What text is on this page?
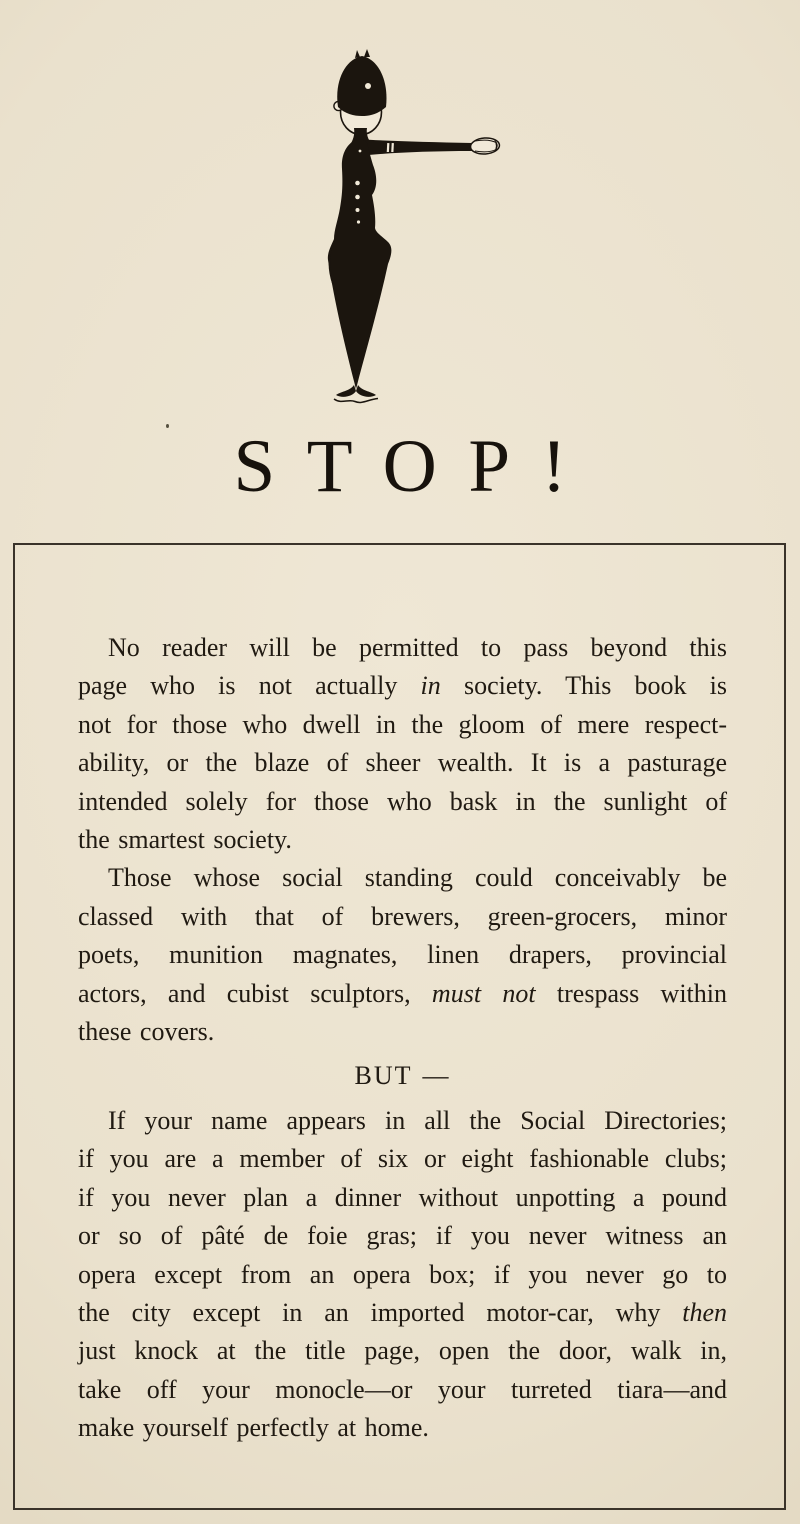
STOP!
No reader will be permitted to pass beyond this
page who is not actually in society. This book is
not for those who dwell in the gloom of mere respect-
ability, or the blaze of sheer wealth. It is a pasturage
intended solely for those who bask in the sunlight of
the smartest society.
Those whose social standing could conceivably be
classed with that of brewers, green-grocers, minor
poets, munition magnates, linen drapers, provincial
actors, and cubist sculptors, must not trespass within
these covers.
BUT —
If your name appears in all the Social Directories;
if you are a member of six or eight fashionable clubs;
if you never plan a dinner without unpotting a pound
or so of pâté de foie gras; if you never witness an
opera except from an opera box; if you never go to
the city except in an imported motor-car, why then
just knock at the title page, open the door, walk in,
take off your monocle—or your turreted tiara—and
make yourself perfectly at home.
